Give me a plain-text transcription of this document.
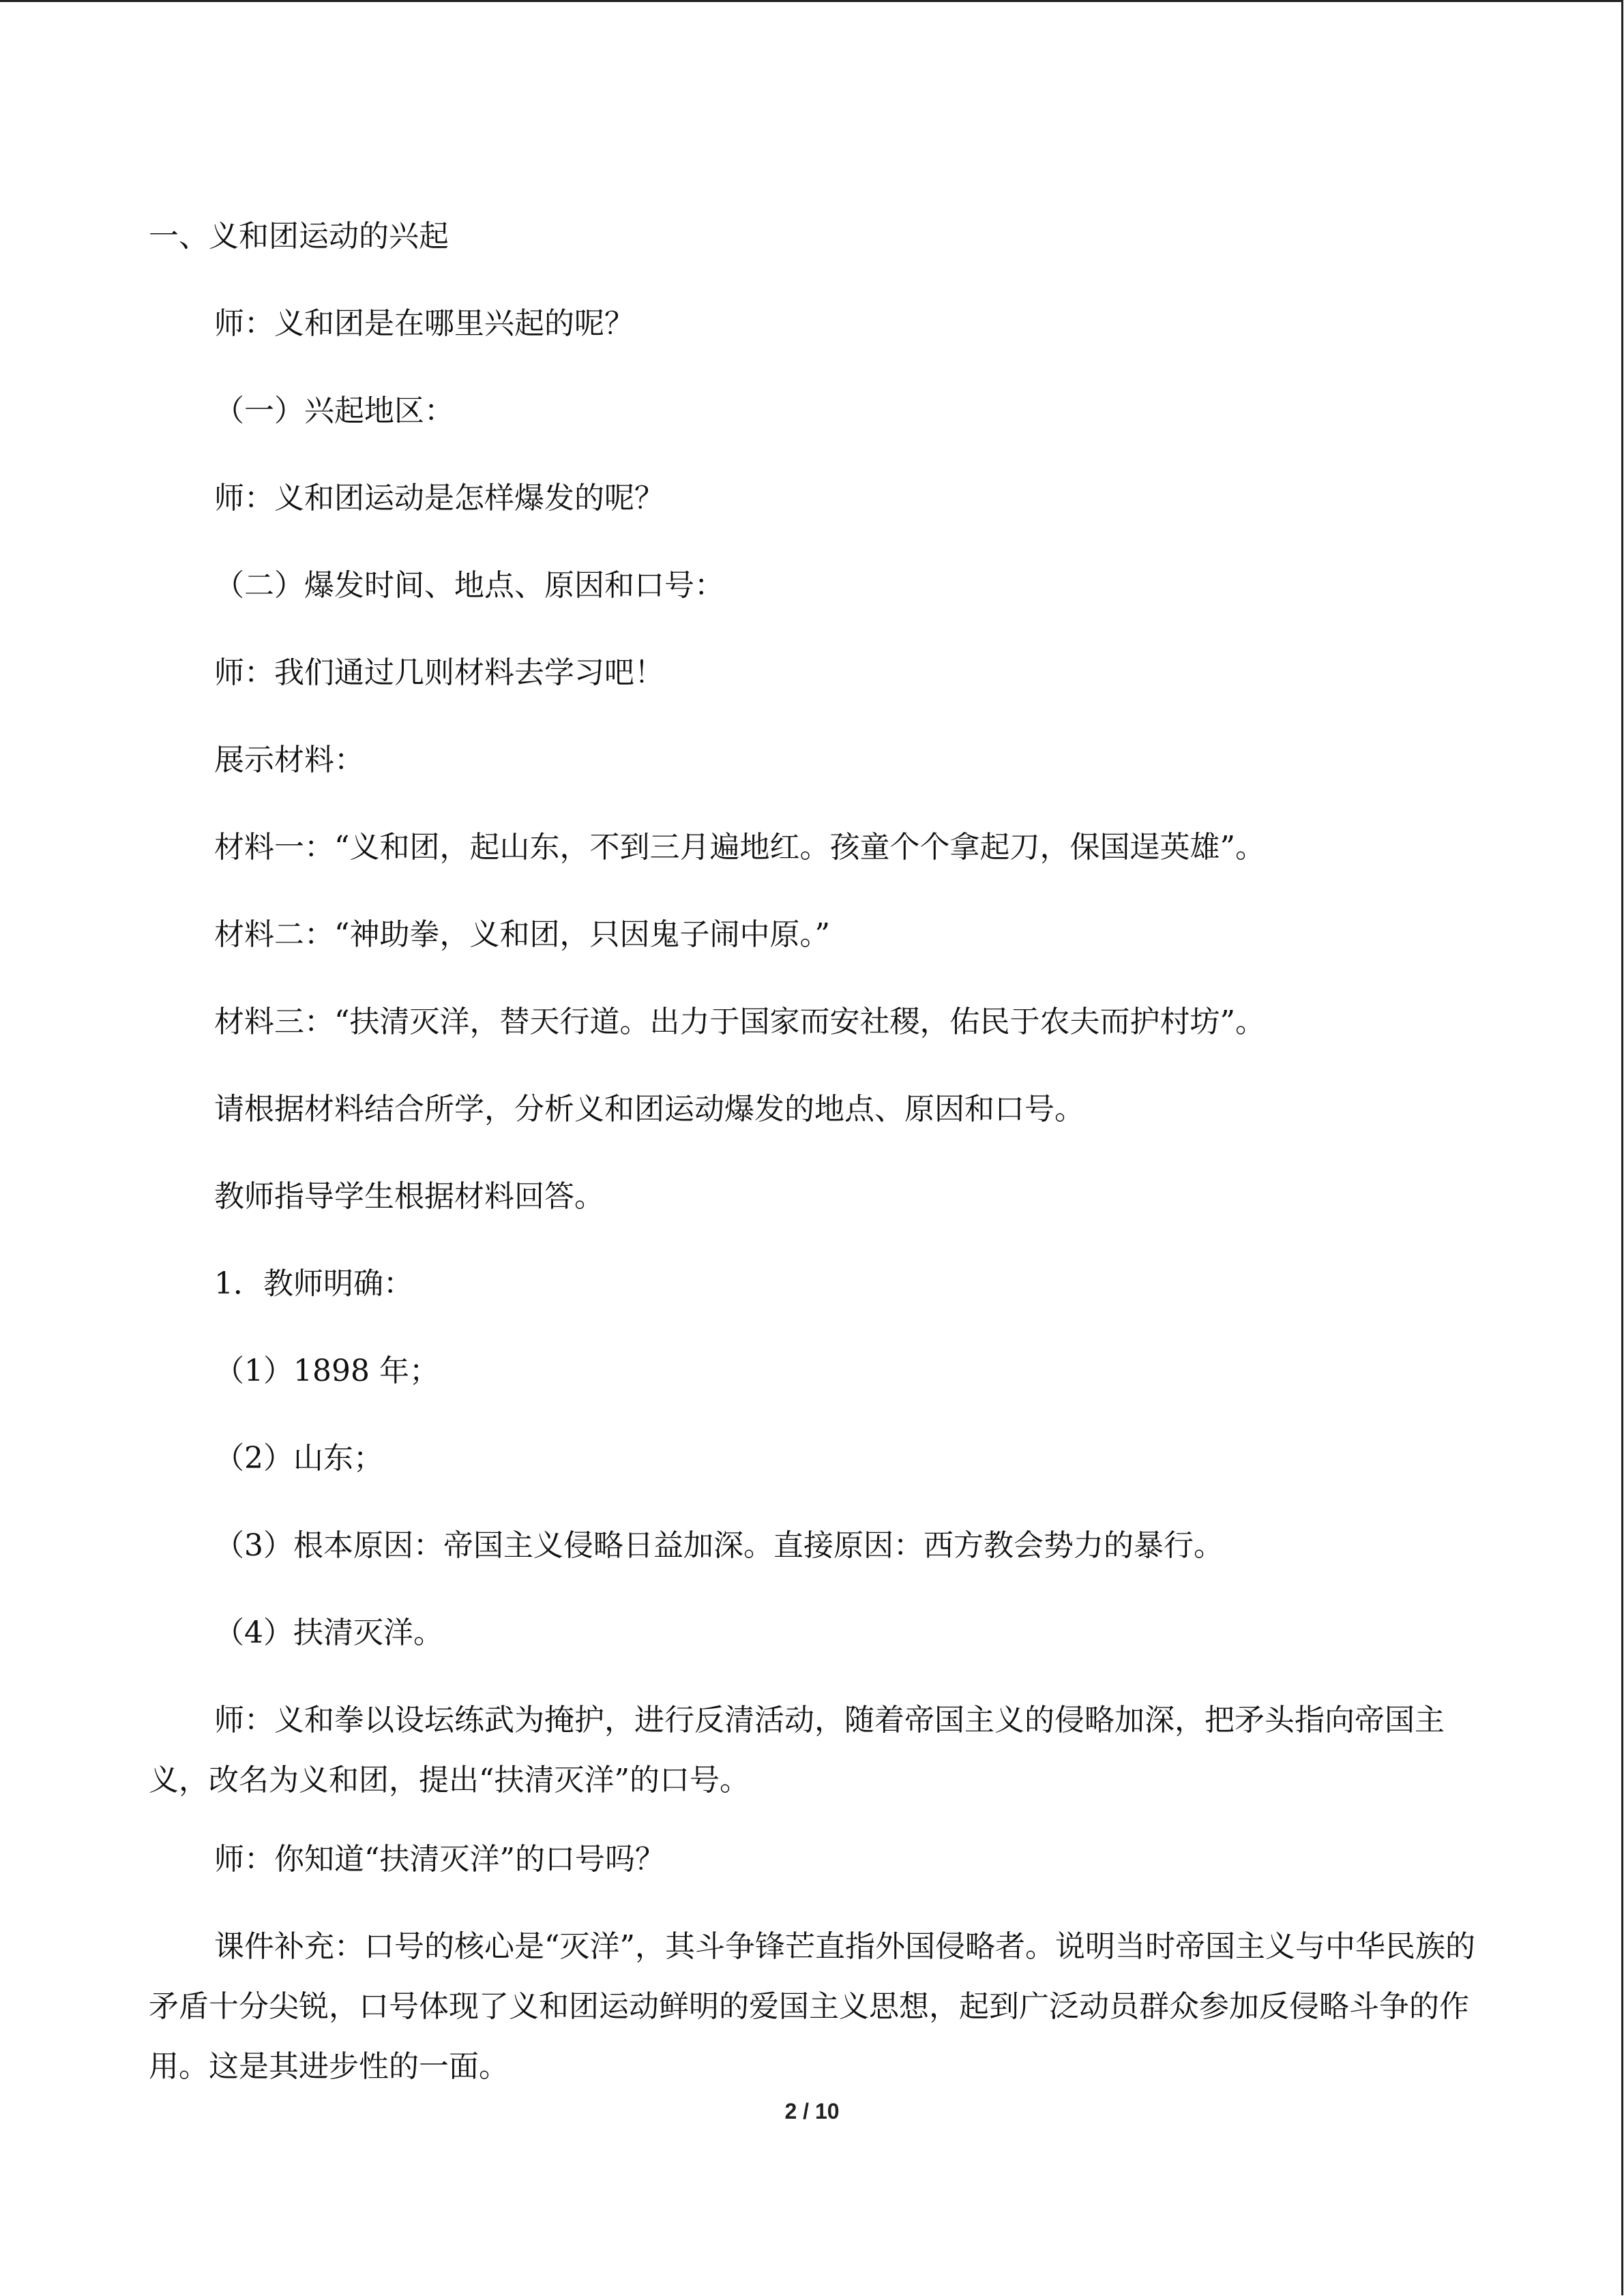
一、义和团运动的兴起
师：义和团是在哪里兴起的呢？
（一）兴起地区：
师：义和团运动是怎样爆发的呢？
（二）爆发时间、地点、原因和口号：
师：我们通过几则材料去学习吧！
展示材料：
材料一：“义和团，起山东，不到三月遍地红。孩童个个拿起刀，保国逞英雄”。
材料二：“神助拳，义和团，只因鬼子闹中原。”
材料三：“扶清灭洋，替天行道。出力于国家而安社稷，佑民于农夫而护村坊”。
请根据材料结合所学，分析义和团运动爆发的地点、原因和口号。
教师指导学生根据材料回答。
1．教师明确：
（1）1898 年；
（2）山东；
（3）根本原因：帝国主义侵略日益加深。直接原因：西方教会势力的暴行。
（4）扶清灭洋。
师：义和拳以设坛练武为掩护，进行反清活动，随着帝国主义的侵略加深，把矛头指向帝国主义，改名为义和团，提出“扶清灭洋”的口号。
师：你知道“扶清灭洋”的口号吗？
课件补充：口号的核心是“灭洋”，其斗争锋芒直指外国侵略者。说明当时帝国主义与中华民族的矛盾十分尖锐，口号体现了义和团运动鲜明的爱国主义思想，起到广泛动员群众参加反侵略斗争的作用。这是其进步性的一面。
2 / 10
